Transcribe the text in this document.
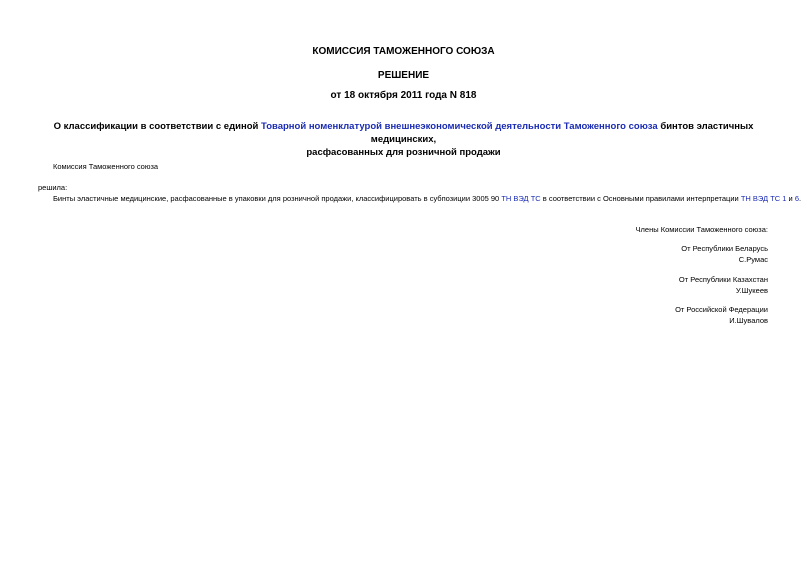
КОМИССИЯ ТАМОЖЕННОГО СОЮЗА
РЕШЕНИЕ
от 18 октября 2011 года N 818
О классификации в соответствии с единой Товарной номенклатурой внешнеэкономической деятельности Таможенного союза бинтов эластичных медицинских,
расфасованных для розничной продажи
Комиссия Таможенного союза
решила:
Бинты эластичные медицинские, расфасованные в упаковки для розничной продажи, классифицировать в субпозиции 3005 90 ТН ВЭД ТС в соответствии с Основными правилами интерпретации ТН ВЭД ТС 1 и 6.
Члены Комиссии Таможенного союза:
От Республики Беларусь
С.Румас
От Республики Казахстан
У.Шукеев
От Российской Федерации
И.Шувалов
